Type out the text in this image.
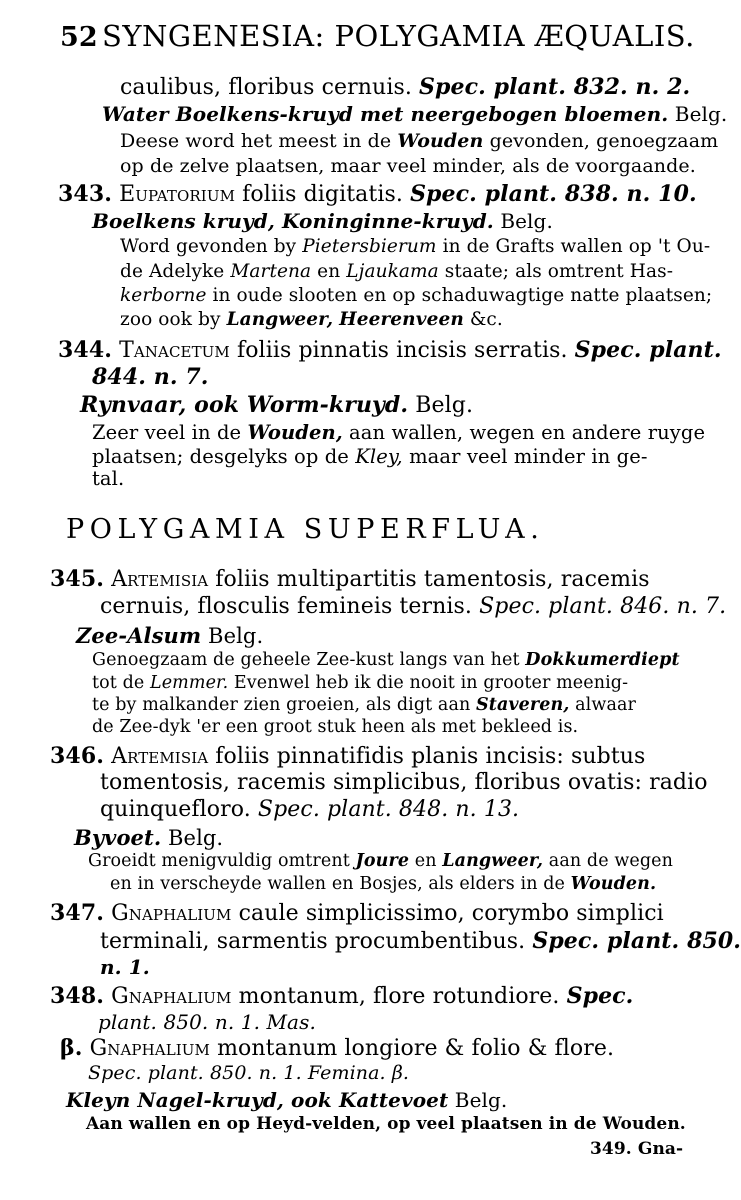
52 SYNGENESIA: POLYGAMIA ÆQUALIS.
caulibus, floribus cernuis. Spec. plant. 832. n. 2.
Water Boelkens-kruyd met neergebogen bloemen. Belg.
Deese word het meest in de Wouden gevonden, genoegzaam
op de zelve plaatsen, maar veel minder, als de voorgaande.
343. Eupatorium foliis digitatis. Spec. plant. 838. n. 10.
Boelkens kruyd, Koninginne-kruyd. Belg.
Word gevonden by Pietersbierum in de Grafts wallen op 't Ou-
de Adelyke Martena en Ljaukama staate; als omtrent Has-
kerborne in oude slooten en op schaduwagtige natte plaatsen;
zoo ook by Langweer, Heerenveen &c.
344. Tanacetum foliis pinnatis incisis serratis. Spec. plant.
844. n. 7.
Rynvaar, ook Worm-kruyd. Belg.
Zeer veel in de Wouden, aan wallen, wegen en andere ruyge
plaatsen; desgelyks op de Kley, maar veel minder in ge-
tal.
POLYGAMIA SUPERFLUA.
345. Artemisia foliis multipartitis tamentosis, racemis
cernuis, flosculis femineis ternis. Spec. plant. 846. n. 7.
Zee-Alsum Belg.
Genoegzaam de geheele Zee-kust langs van het Dokkumerdiept
tot de Lemmer. Evenwel heb ik die nooit in grooter meenig-
te by malkander zien groeien, als digt aan Staveren, alwaar
de Zee-dyk 'er een groot stuk heen als met bekleed is.
346. Artemisia foliis pinnatifidis planis incisis: subtus
tomentosis, racemis simplicibus, floribus ovatis: radio
quinquefloro. Spec. plant. 848. n. 13.
Byvoet. Belg.
Groeidt menigvuldig omtrent Joure en Langweer, aan de wegen
en in verscheyde wallen en Bosjes, als elders in de Wouden.
347. Gnaphalium caule simplicissimo, corymbo simplici
terminali, sarmentis procumbentibus. Spec. plant. 850.
n. 1.
348. Gnaphalium montanum, flore rotundiore. Spec.
plant. 850. n. 1. Mas.
β. Gnaphalium montanum longiore & folio & flore.
Spec. plant. 850. n. 1. Femina. β.
Kleyn Nagel-kruyd, ook Kattevoet Belg.
Aan wallen en op Heyd-velden, op veel plaatsen in de Wouden.
349. Gna-
